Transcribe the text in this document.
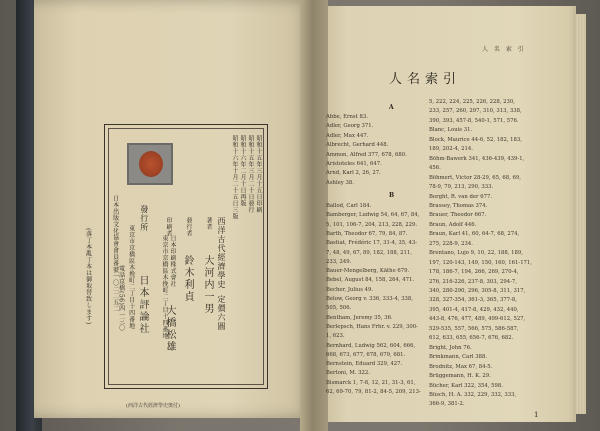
昭和十五年三月十五日印刷
昭和十五年三月二十日發行
昭和十六年二月十日再版
昭和十六年十月二十五日三版
西洋古代經濟學史
定價六圓
著者
大河内一男
發行者
鈴木利貞
印刷者
東京市京橋區木挽町二丁目十四番地 日本印刷株式會社
大橋松雄
發行所
東京市京橋區木挽町二丁目十四番地 日本評論社
電話京橋(56)四一三〇
日本出版文化協會會員番號一〇二二五二
(落丁本亂丁本は御取替致します)
(西洋古代經濟學史奥付)
人 名 索 引
人名索引
A
B
1
Abbe, Ernst 83.
Adler, Georg 371.
Adler, Max 447.
Albrecht, Gerhard 448.
Ammon, Alfred 377, 678, 680.
Aristoteles 641, 647.
Arnd, Karl 2, 26, 27.
Ashley 38.
Ballod, Carl 184.
Bamberger, Ludwig 54, 64, 67, 84,
5, 101, 106-7, 204, 213, 228, 229.
Barth, Theodor 67, 79, 84, 87.
Bastiat, Frédéric 17, 31-4, 35, 43-
7, 48, 49, 67, 89, 182, 188, 211,
233, 249.
Bauer-Mengelberg, Käthe 679.
Bebel, August 84, 158, 264, 471.
Becher, Julius 49.
Below, Georg v. 336, 333-4, 338,
505, 506.
Bentham, Jeremy 35, 36.
Berlepsch, Hans Frhr. v. 229, 300-
1, 623.
Bernhard, Ludwig 562, 604, 666,
668, 673, 677, 678, 679, 681.
Bernstein, Eduard 329, 427.
Bertoni, M. 322.
Bismarck 1, 7-8, 12, 21, 31-3, 61,
62, 69-70, 79, 81-2, 84-5, 209, 213-
5, 222, 224, 225, 226, 228, 230,
233, 257, 260, 297, 310, 313, 338,
390, 393, 457-8, 540-1, 571, 576.
Blanc, Louis 31.
Block, Maurice 44-6, 52, 182, 183,
189, 202-4, 214.
Böhm-Bawerk 341, 436-439, 439-1,
456.
Böhmert, Victor 28-29, 65, 68, 69,
78-9, 79, 213, 290, 333.
Borght, R. van der 677.
Brassey, Thomas 374.
Brauer, Theodor 667.
Braun, Adolf 446.
Braun, Karl 41, 60, 64-7, 68, 274,
275, 228-9, 234.
Brentano, Lujo 9, 10, 22, 188, 189,
197, 120-143, 149, 150, 160, 161-171,
178, 186-7, 194, 266, 269, 270-4,
276, 216-226, 237-8, 303, 294-7,
340, 280-290, 296, 305-8, 311, 317,
328, 327-354, 361-3, 365, 377-8,
395, 401-4, 417-8, 429, 432, 440,
443-8, 476, 477, 489, 499-612, 527,
529-535, 557, 566, 575, 586-587,
612, 633, 655, 656-7, 676, 682.
Bright, John 76.
Brinkmann, Carl 388.
Brodnitz, Max 67, 84-5.
Brüggemann, H. K. 29.
Bücher, Karl 322, 354, 598.
Büsch, H. A. 332, 229, 332, 333,
366-9, 381-2.
